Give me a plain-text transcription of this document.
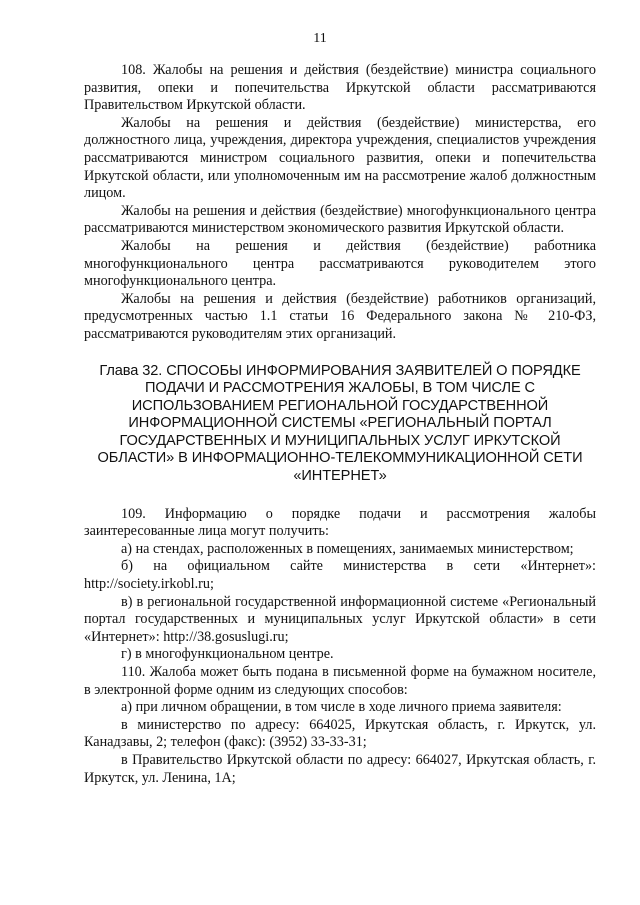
11

108. Жалобы на решения и действия (бездействие) министра социального развития, опеки и попечительства Иркутской области рассматриваются Правительством Иркутской области.

Жалобы на решения и действия (бездействие) министерства, его должностного лица, учреждения, директора учреждения, специалистов учреждения рассматриваются министром социального развития, опеки и попечительства Иркутской области, или уполномоченным им на рассмотрение жалоб должностным лицом.

Жалобы на решения и действия (бездействие) многофункционального центра рассматриваются министерством экономического развития Иркутской области.

Жалобы на решения и действия (бездействие) работника многофункционального центра рассматриваются руководителем этого многофункционального центра.

Жалобы на решения и действия (бездействие) работников организаций, предусмотренных частью 1.1 статьи 16 Федерального закона № 210-ФЗ, рассматриваются руководителям этих организаций.

Глава 32. СПОСОБЫ ИНФОРМИРОВАНИЯ ЗАЯВИТЕЛЕЙ О ПОРЯДКЕ ПОДАЧИ И РАССМОТРЕНИЯ ЖАЛОБЫ, В ТОМ ЧИСЛЕ С ИСПОЛЬЗОВАНИЕМ РЕГИОНАЛЬНОЙ ГОСУДАРСТВЕННОЙ ИНФОРМАЦИОННОЙ СИСТЕМЫ «РЕГИОНАЛЬНЫЙ ПОРТАЛ ГОСУДАРСТВЕННЫХ И МУНИЦИПАЛЬНЫХ УСЛУГ ИРКУТСКОЙ ОБЛАСТИ» В ИНФОРМАЦИОННО-ТЕЛЕКОММУНИКАЦИОННОЙ СЕТИ «ИНТЕРНЕТ»

109. Информацию о порядке подачи и рассмотрения жалобы заинтересованные лица могут получить:

а) на стендах, расположенных в помещениях, занимаемых министерством;

б) на официальном сайте министерства в сети «Интернет»: http://society.irkobl.ru;

в) в региональной государственной информационной системе «Региональный портал государственных и муниципальных услуг Иркутской области» в сети «Интернет»: http://38.gosuslugi.ru;

г) в многофункциональном центре.

110. Жалоба может быть подана в письменной форме на бумажном носителе, в электронной форме одним из следующих способов:

а) при личном обращении, в том числе в ходе личного приема заявителя:

в министерство по адресу: 664025, Иркутская область, г. Иркутск, ул. Канадзавы, 2; телефон (факс): (3952) 33-33-31;

в Правительство Иркутской области по адресу: 664027, Иркутская область, г. Иркутск, ул. Ленина, 1А;
